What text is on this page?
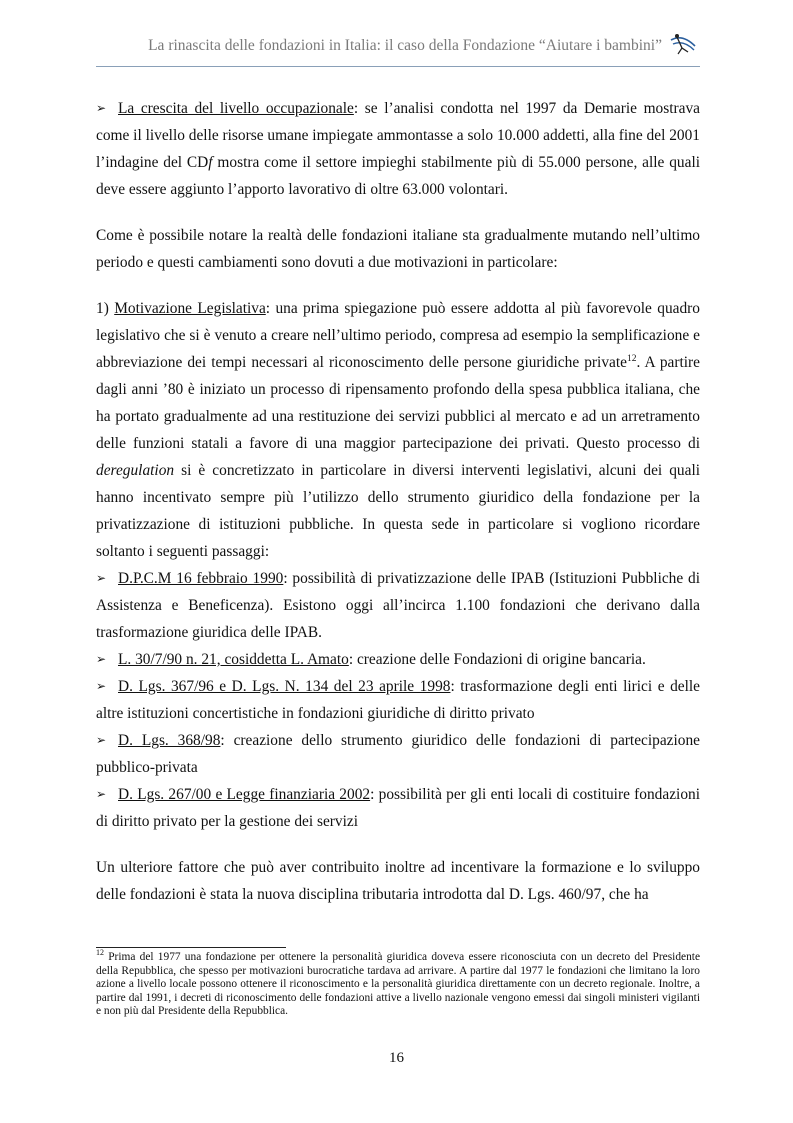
La rinascita delle fondazioni in Italia: il caso della Fondazione “Aiutare i bambini”

➢ La crescita del livello occupazionale: se l’analisi condotta nel 1997 da Demarie mostrava come il livello delle risorse umane impiegate ammontasse a solo 10.000 addetti, alla fine del 2001 l’indagine del CDf mostra come il settore impieghi stabilmente più di 55.000 persone, alle quali deve essere aggiunto l’apporto lavorativo di oltre 63.000 volontari.

Come è possibile notare la realtà delle fondazioni italiane sta gradualmente mutando nell’ultimo periodo e questi cambiamenti sono dovuti a due motivazioni in particolare:

1) Motivazione Legislativa: una prima spiegazione può essere addotta al più favorevole quadro legislativo che si è venuto a creare nell’ultimo periodo, compresa ad esempio la semplificazione e abbreviazione dei tempi necessari al riconoscimento delle persone giuridiche private$^{12}$. A partire dagli anni ’80 è iniziato un processo di ripensamento profondo della spesa pubblica italiana, che ha portato gradualmente ad una restituzione dei servizi pubblici al mercato e ad un arretramento delle funzioni statali a favore di una maggior partecipazione dei privati. Questo processo di deregulation si è concretizzato in particolare in diversi interventi legislativi, alcuni dei quali hanno incentivato sempre più l’utilizzo dello strumento giuridico della fondazione per la privatizzazione di istituzioni pubbliche. In questa sede in particolare si vogliono ricordare soltanto i seguenti passaggi:

➢ D.P.C.M 16 febbraio 1990: possibilità di privatizzazione delle IPAB (Istituzioni Pubbliche di Assistenza e Beneficenza). Esistono oggi all’incirca 1.100 fondazioni che derivano dalla trasformazione giuridica delle IPAB.

➢ L. 30/7/90 n. 21, cosiddetta L. Amato: creazione delle Fondazioni di origine bancaria.

➢ D. Lgs. 367/96 e D. Lgs. N. 134 del 23 aprile 1998: trasformazione degli enti lirici e delle altre istituzioni concertistiche in fondazioni giuridiche di diritto privato

➢ D. Lgs. 368/98: creazione dello strumento giuridico delle fondazioni di partecipazione pubblico-privata

➢ D. Lgs. 267/00 e Legge finanziaria 2002: possibilità per gli enti locali di costituire fondazioni di diritto privato per la gestione dei servizi

Un ulteriore fattore che può aver contribuito inoltre ad incentivare la formazione e lo sviluppo delle fondazioni è stata la nuova disciplina tributaria introdotta dal D. Lgs. 460/97, che ha

$^{12}$ Prima del 1977 una fondazione per ottenere la personalità giuridica doveva essere riconosciuta con un decreto del Presidente della Repubblica, che spesso per motivazioni burocratiche tardava ad arrivare. A partire dal 1977 le fondazioni che limitano la loro azione a livello locale possono ottenere il riconoscimento e la personalità giuridica direttamente con un decreto regionale. Inoltre, a partire dal 1991, i decreti di riconoscimento delle fondazioni attive a livello nazionale vengono emessi dai singoli ministeri vigilanti e non più dal Presidente della Repubblica.
16
